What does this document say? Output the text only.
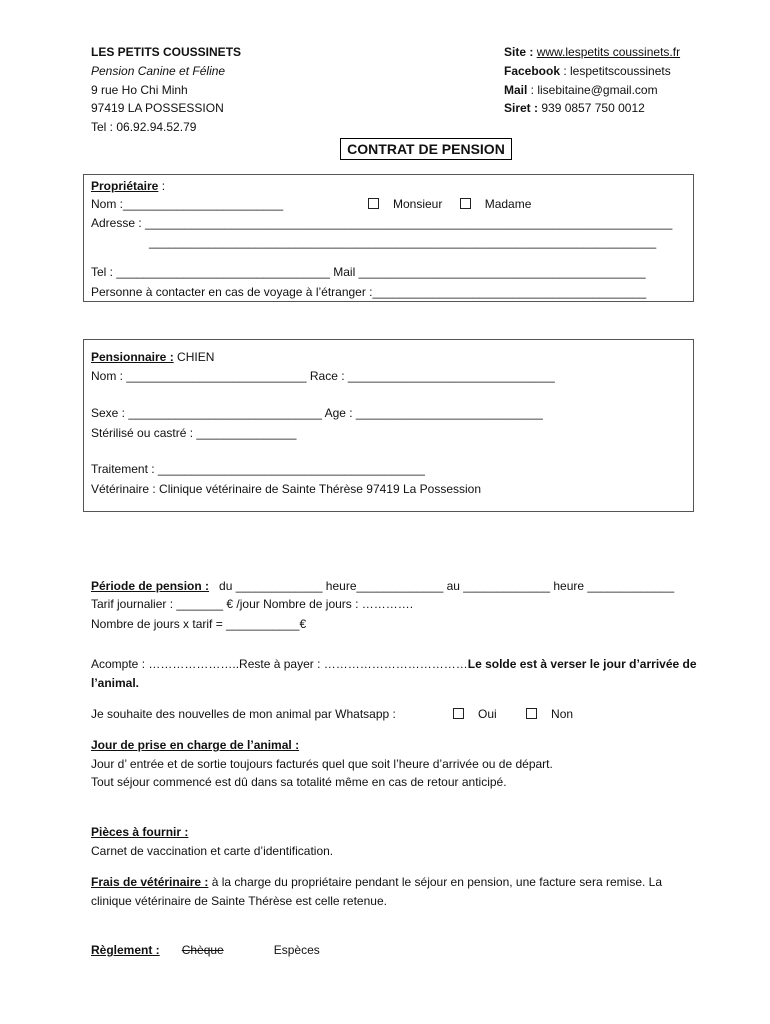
LES PETITS COUSSINETS
Pension Canine et Féline
9 rue Ho Chi Minh
97419 LA POSSESSION
Tel : 06.92.94.52.79
Site : www.lespetits coussinets.fr
Facebook : lespetitscoussinets
Mail : lisebitaine@gmail.com
Siret : 939 0857 750 0012
CONTRAT DE PENSION
Propriétaire :
Nom :________________________	Monsieur	Madame
Adresse : _______________________________________________________________________________
____________________________________________________________________________
Tel : ________________________________ Mail ___________________________________________
Personne à contacter en cas de voyage à l’étranger :_________________________________________
Pensionnaire : CHIEN
Nom : ___________________________ Race : _______________________________
Sexe : _____________________________ Age : ____________________________
Stérilisé ou castré : _______________
Traitement : ________________________________________
Vétérinaire : Clinique vétérinaire de Sainte Thérèse 97419 La Possession
Période de pension :   du _____________ heure_____________ au _____________ heure _____________
Tarif journalier : _______ € /jour Nombre de jours : ………….
Nombre de jours x tarif = ___________€
Acompte : …………………..Reste à payer : ………………………………Le solde est à verser le jour d’arrivée de
l’animal.
Je souhaite des nouvelles de mon animal par Whatsapp :	Oui	Non
Jour de prise en charge de l’animal :
Jour d’ entrée et de sortie toujours facturés quel que soit l’heure d’arrivée ou de départ.
Tout séjour commencé est dû dans sa totalité même en cas de retour anticipé.
Pièces à fournir :
Carnet de vaccination et carte d’identification.
Frais de vétérinaire : à la charge du propriétaire pendant le séjour en pension, une facture sera remise. La
clinique vétérinaire de Sainte Thérèse est celle retenue.
Règlement : Chèque	Espèces
